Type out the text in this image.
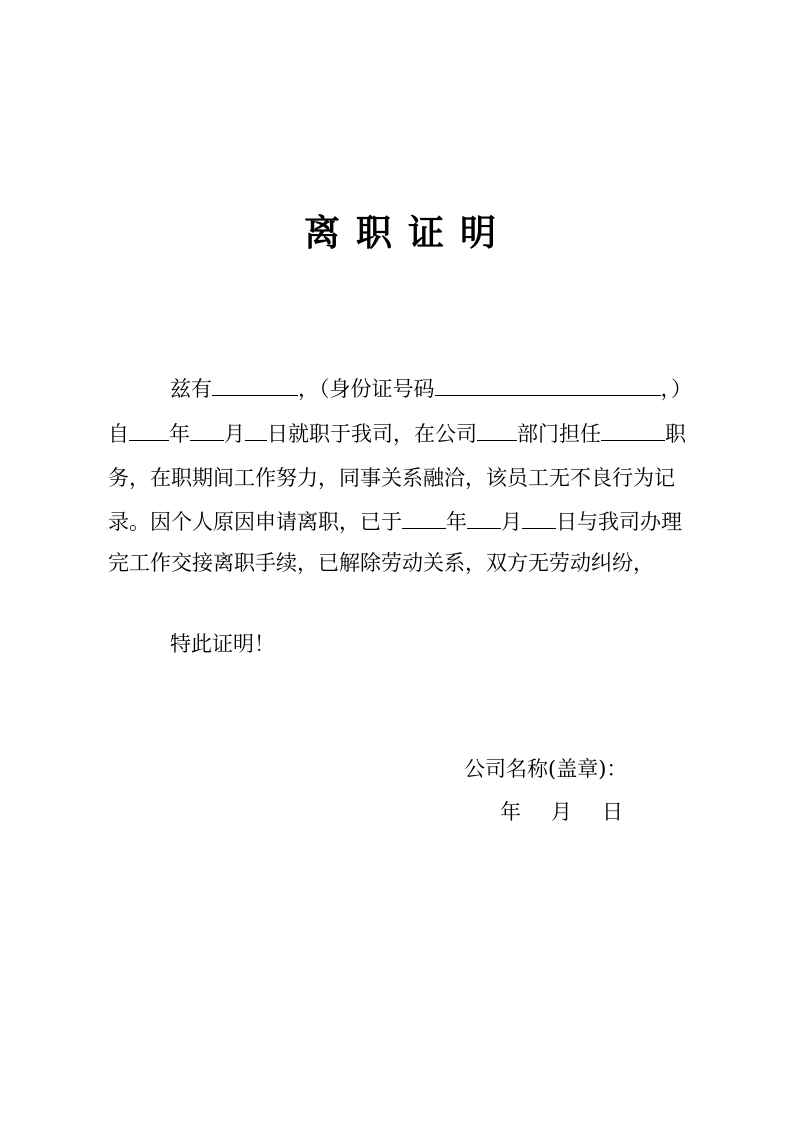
离职证明
兹有	，（身份证号码	，）
自 年 月 日就职于我司，在公司 部门担任	职
务，在职期间工作努力，同事关系融洽，该员工无不良行为记
录。因个人原因申请离职，已于 年 月 日与我司办理
完工作交接离职手续，已解除劳动关系，双方无劳动纠纷，
特此证明！
公司名称(盖章)：
年 月 日
